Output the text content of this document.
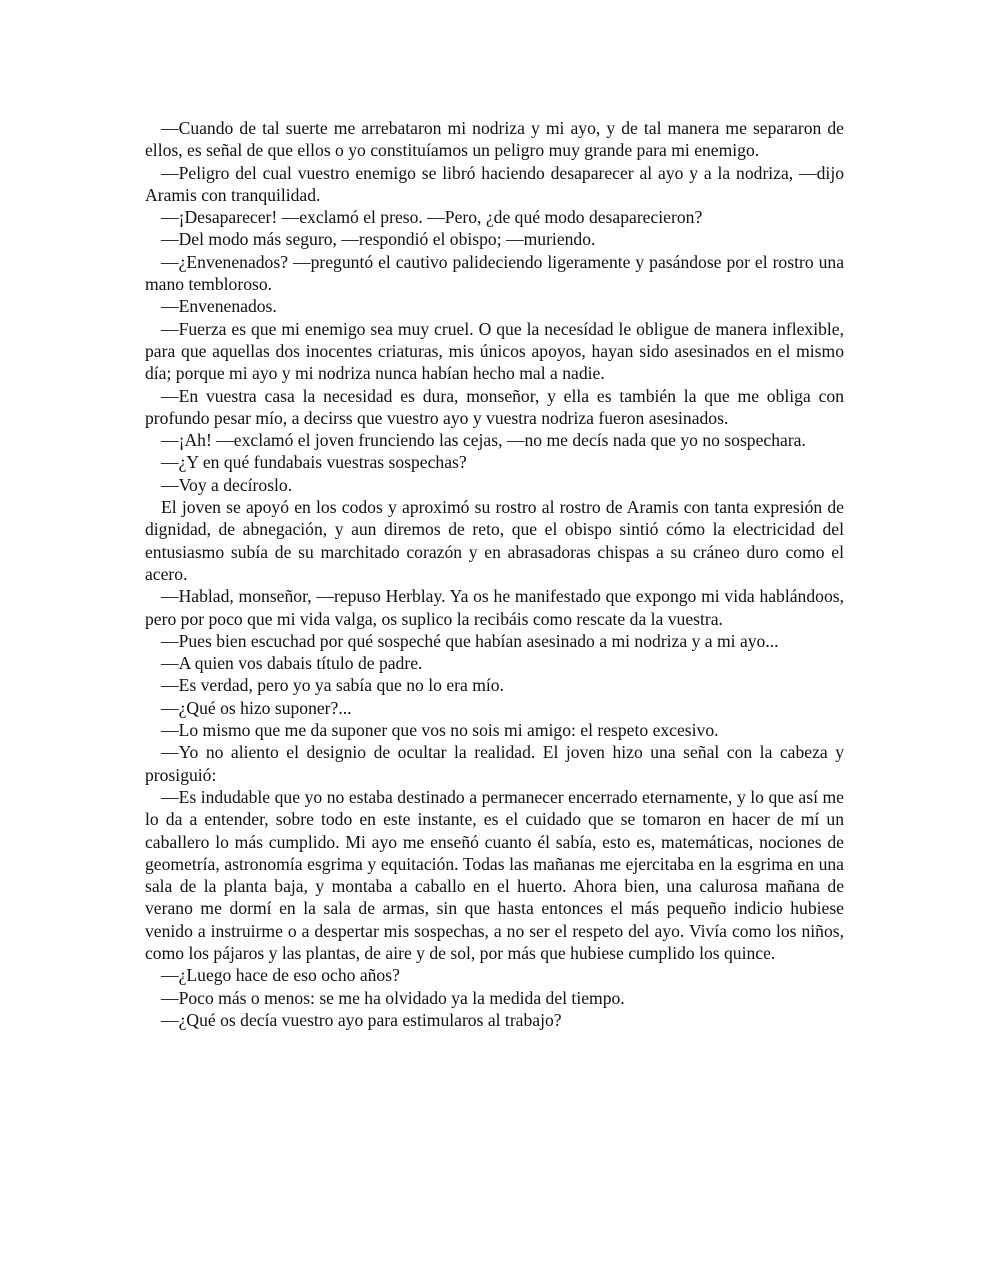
—Cuando de tal suerte me arrebataron mi nodriza y mi ayo, y de tal manera me separaron de ellos, es señal de que ellos o yo constituíamos un peligro muy grande para mi enemigo.

—Peligro del cual vuestro enemigo se libró haciendo desaparecer al ayo y a la nodriza, —dijo Aramis con tranquilidad.

—¡Desaparecer! —exclamó el preso. —Pero, ¿de qué modo desaparecieron?

—Del modo más seguro, —respondió el obispo; —muriendo.

—¿Envenenados? —preguntó el cautivo palideciendo ligeramente y pasándose por el rostro una mano tembloroso.

—Envenenados.

—Fuerza es que mi enemigo sea muy cruel. O que la necesídad le obligue de manera inflexible, para que aquellas dos inocentes criaturas, mis únicos apoyos, hayan sido asesinados en el mismo día; porque mi ayo y mi nodriza nunca habían hecho mal a nadie.

—En vuestra casa la necesidad es dura, monseñor, y ella es también la que me obliga con profundo pesar mío, a decirss que vuestro ayo y vuestra nodriza fueron asesinados.

—¡Ah! —exclamó el joven frunciendo las cejas, —no me decís nada que yo no sospechara.

—¿Y en qué fundabais vuestras sospechas?

—Voy a decíroslo.

El joven se apoyó en los codos y aproximó su rostro al rostro de Aramis con tanta expresión de dignidad, de abnegación, y aun diremos de reto, que el obispo sintió cómo la electricidad del entusiasmo subía de su marchitado corazón y en abrasadoras chispas a su cráneo duro como el acero.

—Hablad, monseñor, —repuso Herblay. Ya os he manifestado que expongo mi vida hablándoos, pero por poco que mi vida valga, os suplico la recibáis como rescate da la vuestra.

—Pues bien escuchad por qué sospeché que habían asesinado a mi nodriza y a mi ayo...

—A quien vos dabais título de padre.

—Es verdad, pero yo ya sabía que no lo era mío.

—¿Qué os hizo suponer?...

—Lo mismo que me da suponer que vos no sois mi amigo: el respeto excesivo.

—Yo no aliento el designio de ocultar la realidad. El joven hizo una señal con la cabeza y prosiguió:

—Es indudable que yo no estaba destinado a permanecer encerrado eternamente, y lo que así me lo da a entender, sobre todo en este instante, es el cuidado que se tomaron en hacer de mí un caballero lo más cumplido. Mi ayo me enseñó cuanto él sabía, esto es, matemáticas, nociones de geometría, astronomía esgrima y equitación. Todas las mañanas me ejercitaba en la esgrima en una sala de la planta baja, y montaba a caballo en el huerto. Ahora bien, una calurosa mañana de verano me dormí en la sala de armas, sin que hasta entonces el más pequeño indicio hubiese venido a instruirme o a despertar mis sospechas, a no ser el respeto del ayo. Vivía como los niños, como los pájaros y las plantas, de aire y de sol, por más que hubiese cumplido los quince.

—¿Luego hace de eso ocho años?

—Poco más o menos: se me ha olvidado ya la medida del tiempo.

—¿Qué os decía vuestro ayo para estimularos al trabajo?
